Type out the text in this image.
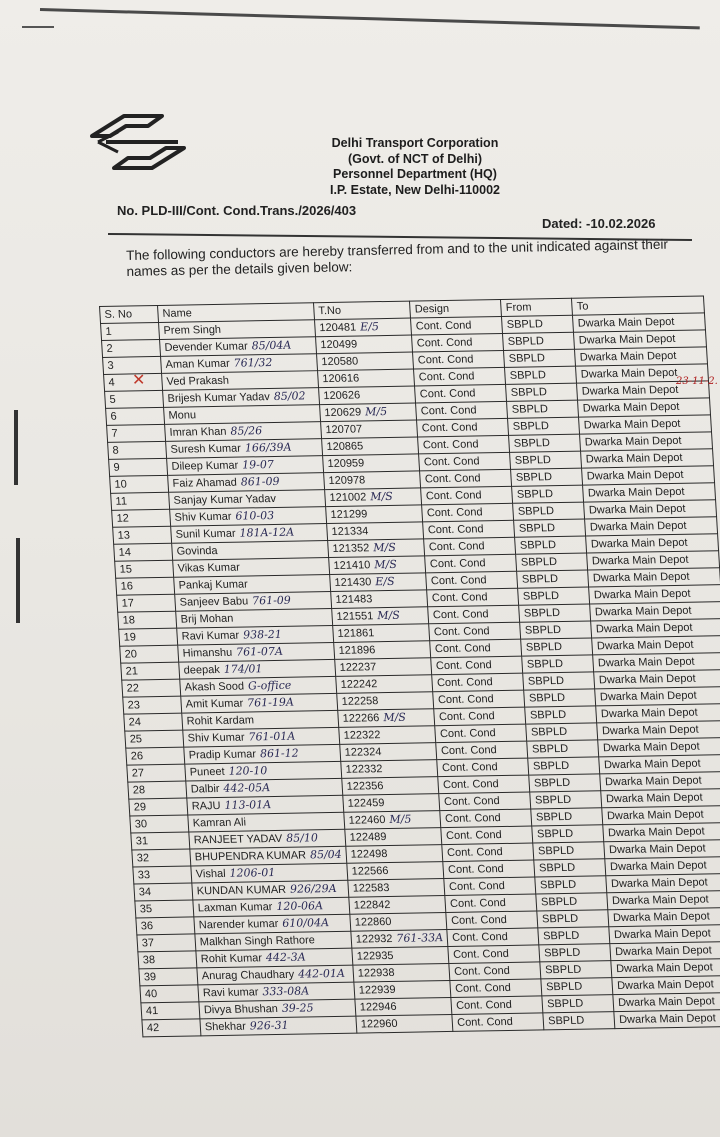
Delhi Transport Corporation
(Govt. of NCT of Delhi)
Personnel Department (HQ)
I.P. Estate, New Delhi-110002
No. PLD-III/Cont. Cond.Trans./2026/403
Dated: -10.02.2026
The following conductors are hereby transferred from and to the unit indicated against their names as per the details given below:
S. No	Name	T.No	Design	From	To
1	Prem Singh	120481 E/5	Cont. Cond	SBPLD	Dwarka Main Depot
2	Devender Kumar 85/04A	120499	Cont. Cond	SBPLD	Dwarka Main Depot
3	Aman Kumar 761/32	120580	Cont. Cond	SBPLD	Dwarka Main Depot
4	Ved Prakash	120616	Cont. Cond	SBPLD	Dwarka Main Depot
5	Brijesh Kumar Yadav 85/02	120626	Cont. Cond	SBPLD	Dwarka Main Depot
6	Monu	120629 M/5	Cont. Cond	SBPLD	Dwarka Main Depot
7	Imran Khan 85/26	120707	Cont. Cond	SBPLD	Dwarka Main Depot
8	Suresh Kumar 166/39A	120865	Cont. Cond	SBPLD	Dwarka Main Depot
9	Dileep Kumar 19-07	120959	Cont. Cond	SBPLD	Dwarka Main Depot
10	Faiz Ahamad 861-09	120978	Cont. Cond	SBPLD	Dwarka Main Depot
11	Sanjay Kumar Yadav	121002 M/S	Cont. Cond	SBPLD	Dwarka Main Depot
12	Shiv Kumar 610-03	121299	Cont. Cond	SBPLD	Dwarka Main Depot
13	Sunil Kumar 181A-12A	121334	Cont. Cond	SBPLD	Dwarka Main Depot
14	Govinda	121352 M/S	Cont. Cond	SBPLD	Dwarka Main Depot
15	Vikas Kumar	121410 M/S	Cont. Cond	SBPLD	Dwarka Main Depot
16	Pankaj Kumar	121430 E/S	Cont. Cond	SBPLD	Dwarka Main Depot
17	Sanjeev Babu 761-09	121483	Cont. Cond	SBPLD	Dwarka Main Depot
18	Brij Mohan	121551 M/S	Cont. Cond	SBPLD	Dwarka Main Depot
19	Ravi Kumar 938-21	121861	Cont. Cond	SBPLD	Dwarka Main Depot
20	Himanshu 761-07A	121896	Cont. Cond	SBPLD	Dwarka Main Depot
21	deepak 174/01	122237	Cont. Cond	SBPLD	Dwarka Main Depot
22	Akash Sood G-office	122242	Cont. Cond	SBPLD	Dwarka Main Depot
23	Amit Kumar 761-19A	122258	Cont. Cond	SBPLD	Dwarka Main Depot
24	Rohit Kardam	122266 M/S	Cont. Cond	SBPLD	Dwarka Main Depot
25	Shiv Kumar 761-01A	122322	Cont. Cond	SBPLD	Dwarka Main Depot
26	Pradip Kumar 861-12	122324	Cont. Cond	SBPLD	Dwarka Main Depot
27	Puneet 120-10	122332	Cont. Cond	SBPLD	Dwarka Main Depot
28	Dalbir 442-05A	122356	Cont. Cond	SBPLD	Dwarka Main Depot
29	RAJU 113-01A	122459	Cont. Cond	SBPLD	Dwarka Main Depot
30	Kamran Ali	122460 M/5	Cont. Cond	SBPLD	Dwarka Main Depot
31	RANJEET YADAV 85/10	122489	Cont. Cond	SBPLD	Dwarka Main Depot
32	BHUPENDRA KUMAR 85/04	122498	Cont. Cond	SBPLD	Dwarka Main Depot
33	Vishal 1206-01	122566	Cont. Cond	SBPLD	Dwarka Main Depot
34	KUNDAN KUMAR 926/29A	122583	Cont. Cond	SBPLD	Dwarka Main Depot
35	Laxman Kumar 120-06A	122842	Cont. Cond	SBPLD	Dwarka Main Depot
36	Narender kumar 610/04A	122860	Cont. Cond	SBPLD	Dwarka Main Depot
37	Malkhan Singh Rathore	122932 761-33A	Cont. Cond	SBPLD	Dwarka Main Depot
38	Rohit Kumar 442-3A	122935	Cont. Cond	SBPLD	Dwarka Main Depot
39	Anurag Chaudhary 442-01A	122938	Cont. Cond	SBPLD	Dwarka Main Depot
40	Ravi kumar 333-08A	122939	Cont. Cond	SBPLD	Dwarka Main Depot
41	Divya Bhushan 39-25	122946	Cont. Cond	SBPLD	Dwarka Main Depot
42	Shekhar 926-31	122960	Cont. Cond	SBPLD	Dwarka Main Depot
✕	23-11-2.
